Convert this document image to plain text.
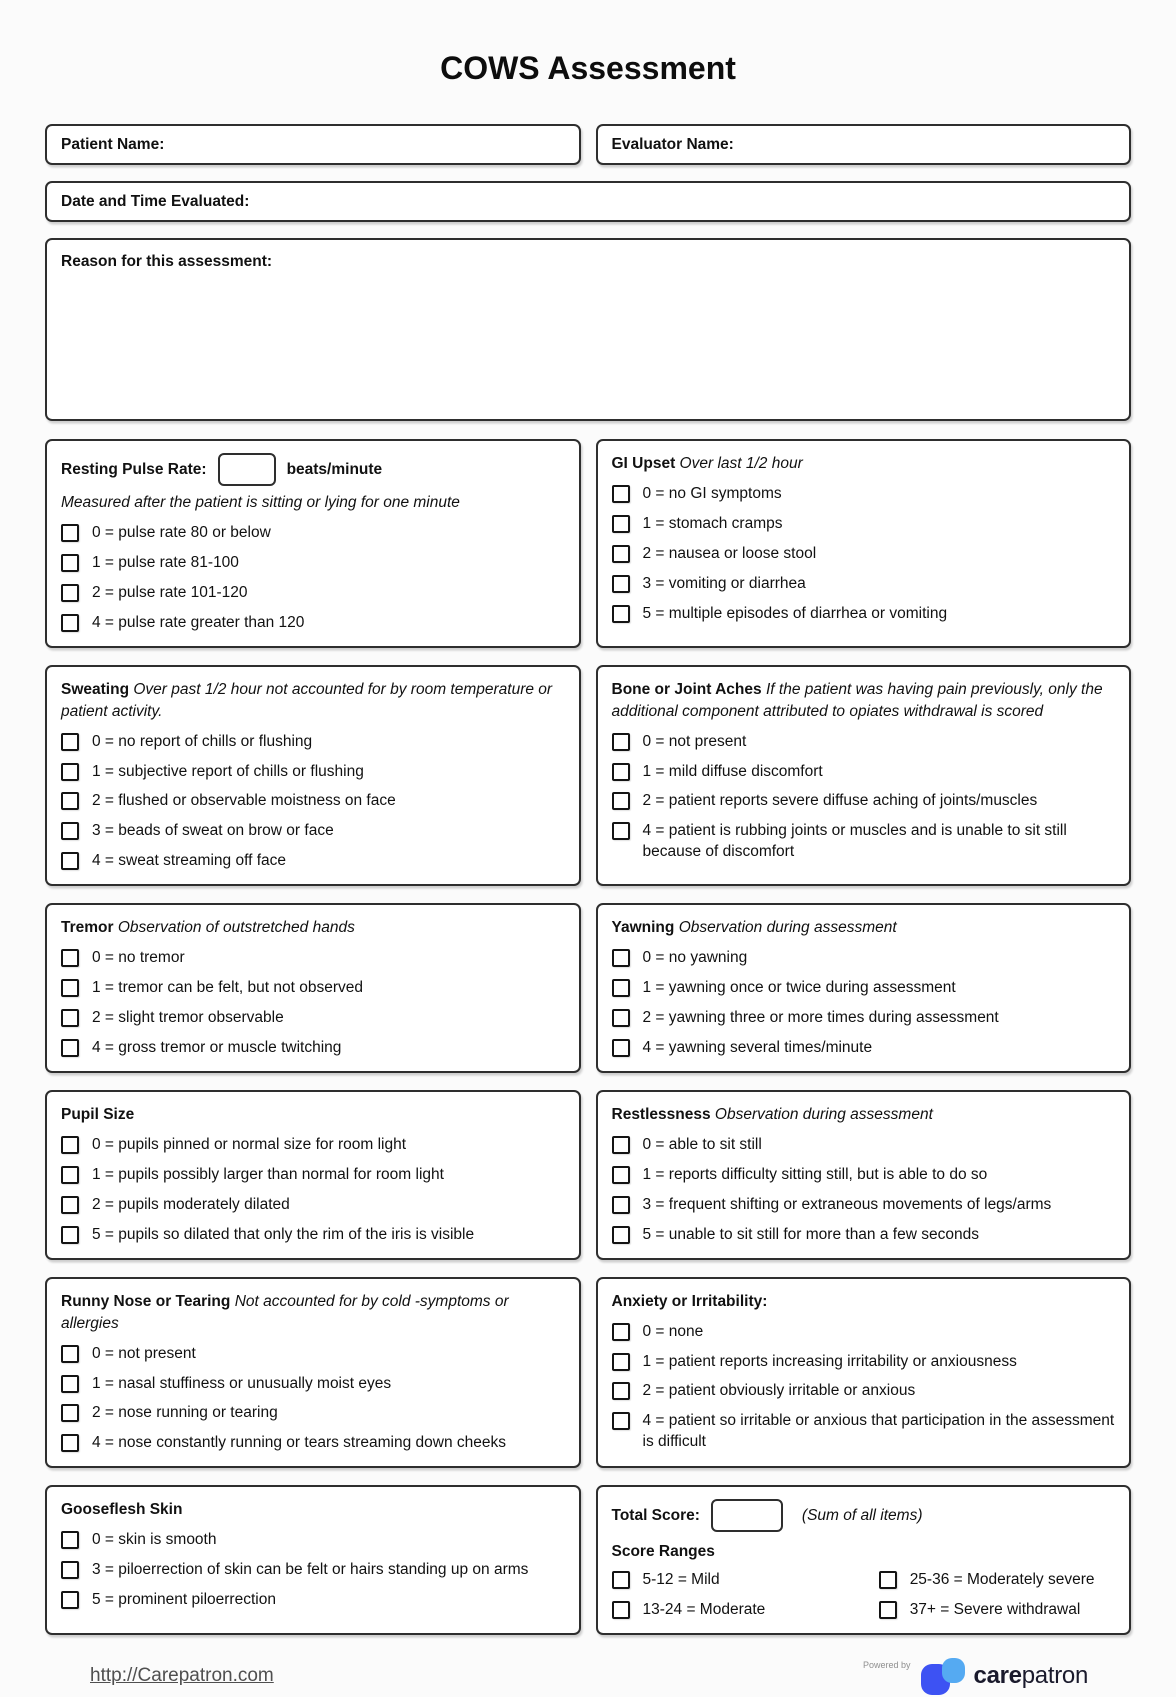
COWS Assessment
Patient Name:	Evaluator Name:
Date and Time Evaluated:
Reason for this assessment:
Resting Pulse Rate:	beats/minute
Measured after the patient is sitting or lying for one minute
0 = pulse rate 80 or below
1 = pulse rate 81-100
2 = pulse rate 101-120
4 = pulse rate greater than 120
GI Upset Over last 1/2 hour
0 = no GI symptoms
1 = stomach cramps
2 = nausea or loose stool
3 = vomiting or diarrhea
5 = multiple episodes of diarrhea or vomiting
Sweating Over past 1/2 hour not accounted for by room temperature or patient activity.
0 = no report of chills or flushing
1 = subjective report of chills or flushing
2 = flushed or observable moistness on face
3 = beads of sweat on brow or face
4 = sweat streaming off face
Bone or Joint Aches If the patient was having pain previously, only the additional component attributed to opiates withdrawal is scored
0 = not present
1 = mild diffuse discomfort
2 = patient reports severe diffuse aching of joints/muscles
4 = patient is rubbing joints or muscles and is unable to sit still because of discomfort
Tremor Observation of outstretched hands
0 = no tremor
1 = tremor can be felt, but not observed
2 = slight tremor observable
4 = gross tremor or muscle twitching
Yawning Observation during assessment
0 = no yawning
1 = yawning once or twice during assessment
2 = yawning three or more times during assessment
4 = yawning several times/minute
Pupil Size
0 = pupils pinned or normal size for room light
1 = pupils possibly larger than normal for room light
2 = pupils moderately dilated
5 = pupils so dilated that only the rim of the iris is visible
Restlessness Observation during assessment
0 = able to sit still
1 = reports difficulty sitting still, but is able to do so
3 = frequent shifting or extraneous movements of legs/arms
5 = unable to sit still for more than a few seconds
Runny Nose or Tearing Not accounted for by cold -symptoms or allergies
0 = not present
1 = nasal stuffiness or unusually moist eyes
2 = nose running or tearing
4 = nose constantly running or tears streaming down cheeks
Anxiety or Irritability:
0 = none
1 = patient reports increasing irritability or anxiousness
2 = patient obviously irritable or anxious
4 = patient so irritable or anxious that participation in the assessment is difficult
Gooseflesh Skin
0 = skin is smooth
3 = piloerrection of skin can be felt or hairs standing up on arms
5 = prominent piloerrection
Total Score:	(Sum of all items)
Score Ranges
5-12 = Mild
13-24 = Moderate
25-36 = Moderately severe
37+ = Severe withdrawal
http://Carepatron.com	Powered by	carepatron
